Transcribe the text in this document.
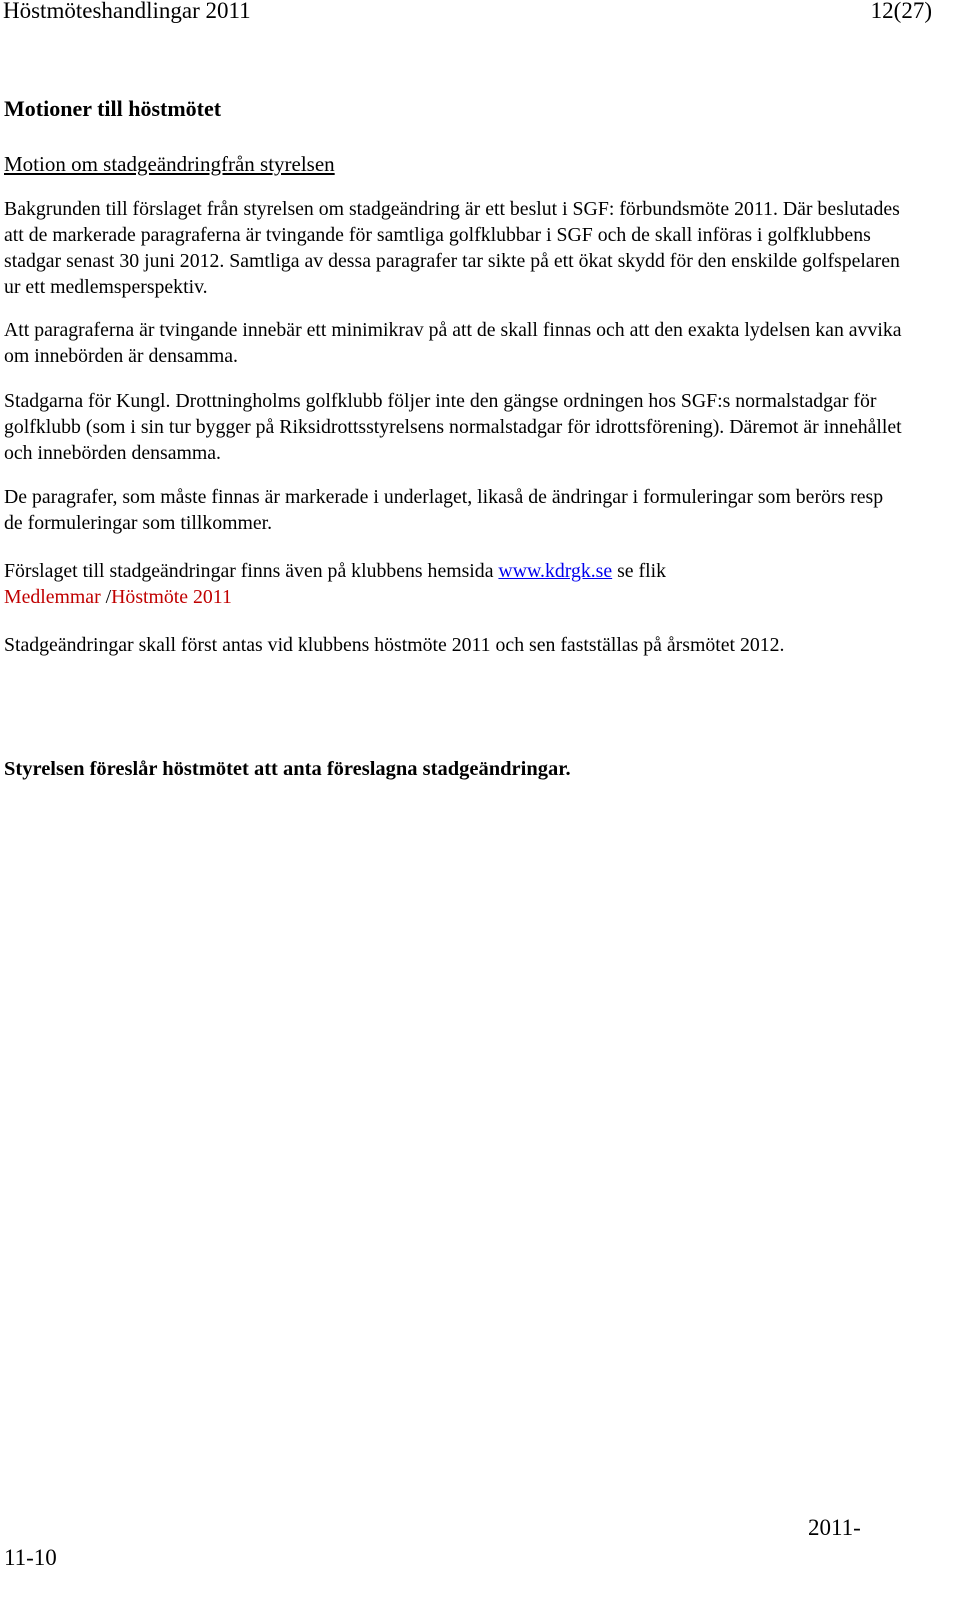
Höstmöteshandlingar 2011	12(27)
Motioner till höstmötet
Motion om stadgeändringfrån styrelsen
Bakgrunden till förslaget från styrelsen om stadgeändring är ett beslut i SGF: förbundsmöte 2011. Där beslutades att de markerade paragraferna är tvingande för samtliga golfklubbar i SGF och de skall införas i golfklubbens stadgar senast 30 juni 2012. Samtliga av dessa paragrafer tar sikte på ett ökat skydd för den enskilde golfspelaren ur ett medlemsperspektiv.
Att paragraferna är tvingande innebär ett minimikrav på att de skall finnas och att den exakta lydelsen kan avvika om innebörden är densamma.
Stadgarna för Kungl. Drottningholms golfklubb följer inte den gängse ordningen hos SGF:s normalstadgar för golfklubb (som i sin tur bygger på Riksidrottsstyrelsens normalstadgar för idrottsförening). Däremot är innehållet och innebörden densamma.
De paragrafer, som måste finnas är markerade i underlaget, likaså de ändringar i formuleringar som berörs resp de formuleringar som tillkommer.
Förslaget till stadgeändringar finns även på klubbens hemsida www.kdrgk.se se flik
Medlemmar /Höstmöte 2011
Stadgeändringar skall först antas vid klubbens höstmöte 2011 och sen fastställas på årsmötet 2012.
Styrelsen föreslår höstmötet att anta föreslagna stadgeändringar.
2011-
11-10
